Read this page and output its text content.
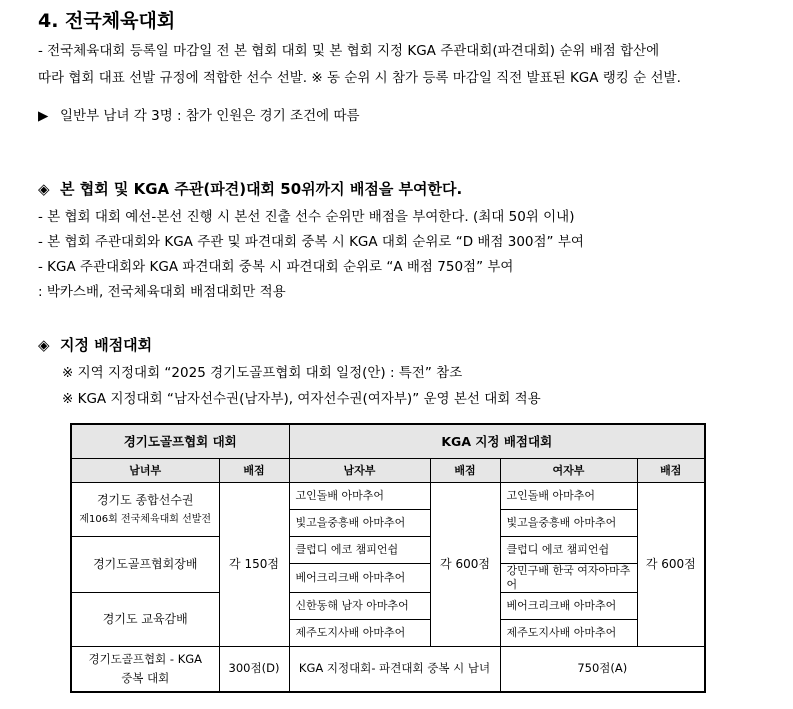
4. 전국체육대회
- 전국체육대회 등록일 마감일 전 본 협회 대회 및 본 협회 지정 KGA 주관대회(파견대회) 순위 배점 합산에
따라 협회 대표 선발 규정에 적합한 선수 선발. ※ 동 순위 시 참가 등록 마감일 직전 발표된 KGA 랭킹 순 선발.
▶ 일반부 남녀 각 3명 : 참가 인원은 경기 조건에 따름
◈ 본 협회 및 KGA 주관(파견)대회 50위까지 배점을 부여한다.
- 본 협회 대회 예선-본선 진행 시 본선 진출 선수 순위만 배점을 부여한다. (최대 50위 이내)
- 본 협회 주관대회와 KGA 주관 및 파견대회 중복 시 KGA 대회 순위로 “D 배점 300점” 부여
- KGA 주관대회와 KGA 파견대회 중복 시 파견대회 순위로 “A 배점 750점” 부여
: 박카스배, 전국체육대회 배점대회만 적용
◈ 지정 배점대회
※ 지역 지정대회 “2025 경기도골프협회 대회 일정(안) : 특전” 참조
※ KGA 지정대회 “남자선수권(남자부), 여자선수권(여자부)” 운영 본선 대회 적용
경기도골프협회 대회		KGA 지정 배점대회			
남녀부	배점	남자부	배점	여자부	배점

경기도 종합선수권
제106회 전국체육대회 선발전	각 150점	고인돌배 아마추어	각 600점	고인돌배 아마추어	각 600점
		빛고을중흥배 아마추어		빛고을중흥배 아마추어	
경기도골프협회장배		클럽디 에코 챔피언쉽		클럽디 에코 챔피언쉽	
		베어크리크배 아마추어		강민구배 한국 여자아마추어	
경기도 교육감배		신한동해 남자 아마추어		베어크리크배 아마추어	
		제주도지사배 아마추어		제주도지사배 아마추어	

경기도골프협회 - KGA
중복 대회	300점(D)	KGA 지정대회- 파견대회 중복 시 남녀		750점(A)	
